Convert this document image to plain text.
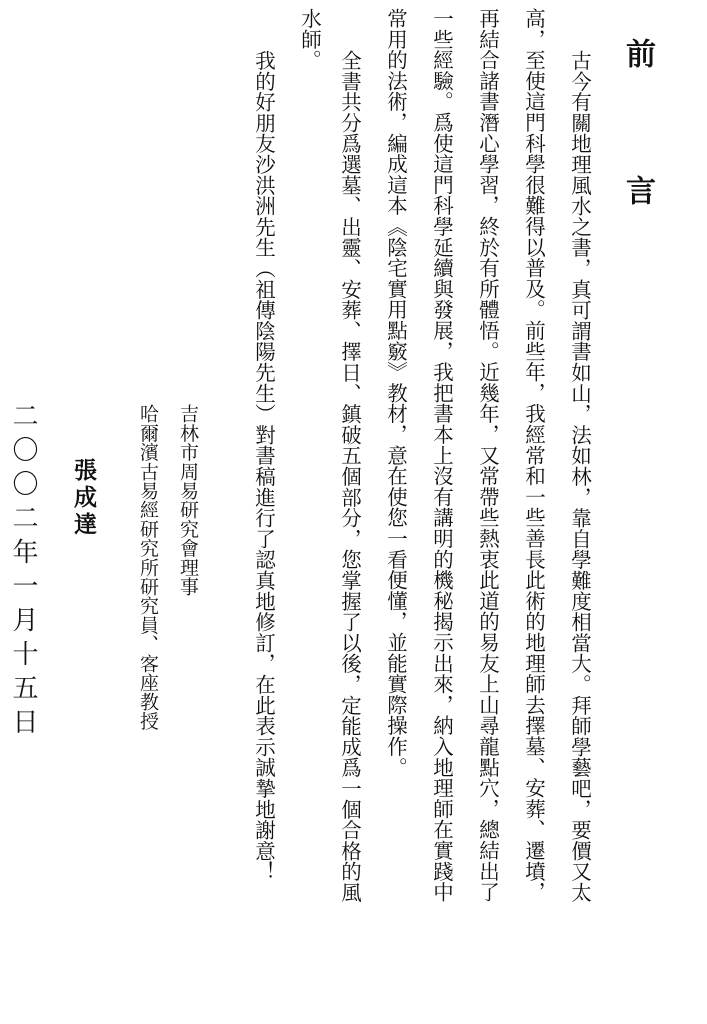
前 言
古今有關地理風水之書，真可謂書如山，法如林，靠自學難度相當大。拜師學藝吧，要價又太
高，至使這門科學很難得以普及。前些年，我經常和一些善長此術的地理師去擇墓、安葬、遷墳，
再結合諸書潛心學習，終於有所體悟。近幾年，又常帶些熱衷此道的易友上山尋龍點穴，總結出了
一些經驗。爲使這門科學延續與發展，我把書本上沒有講明的機秘揭示出來，納入地理師在實踐中
常用的法術，編成這本《陰宅實用點竅》教材，意在使您一看便懂，並能實際操作。
全書共分爲選墓、出靈、安葬、擇日、鎮破五個部分，您掌握了以後，定能成爲一個合格的風
水師。
我的好朋友沙洪洲先生（祖傳陰陽先生）對書稿進行了認真地修訂，在此表示誠摯地謝意！
吉林市周易研究會理事
哈爾濱古易經研究所研究員、客座教授
張成達
二〇〇二年一月十五日
